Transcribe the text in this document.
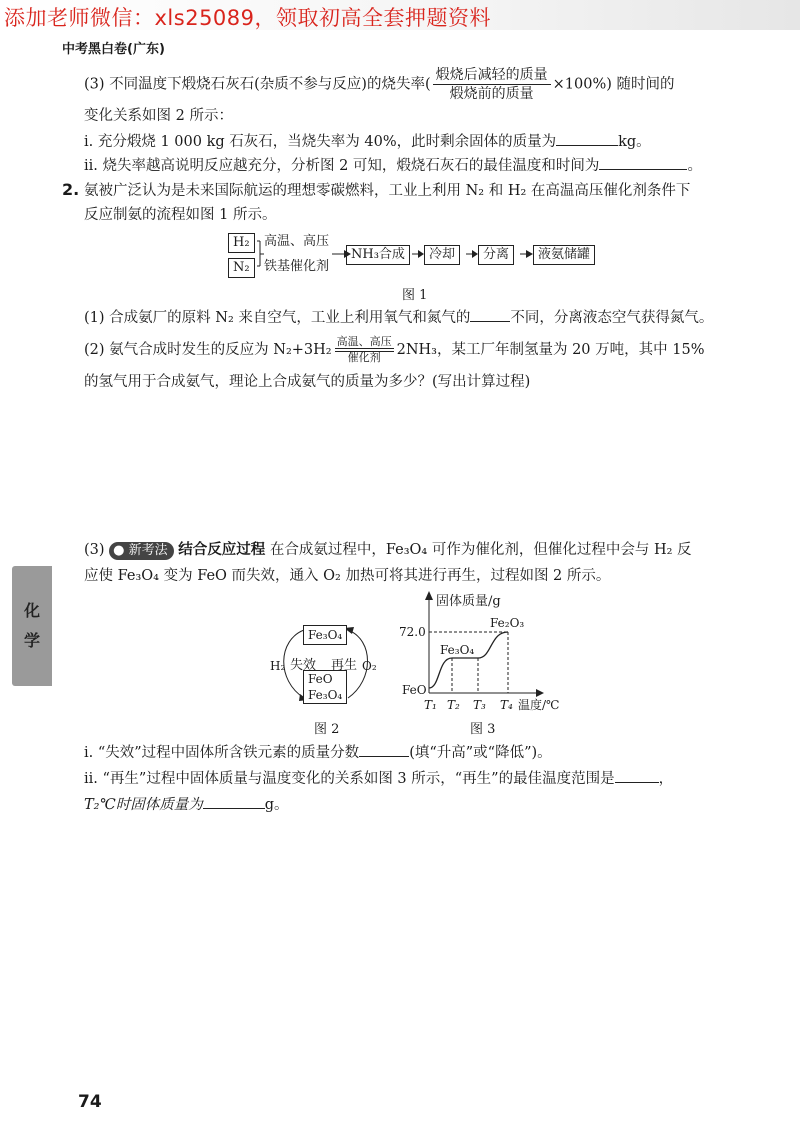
添加老师微信：xls25089，领取初高全套押题资料
中考黑白卷(广东)
(3) 不同温度下煅烧石灰石(杂质不参与反应)的烧失率( $\frac{\text{煅烧后减轻的质量}}{\text{煅烧前的质量}} \times 100\%$) 随时间的
变化关系如图 2 所示：
i. 充分煅烧 1 000 kg 石灰石，当烧失率为 40%，此时剩余固体的质量为	kg。
ii. 烧失率越高说明反应越充分，分析图 2 可知，煅烧石灰石的最佳温度和时间为	。
2. 氨被广泛认为是未来国际航运的理想零碳燃料，工业上利用 N₂ 和 H₂ 在高温高压催化剂条件下
反应制氨的流程如图 1 所示。
H₂
N₂
高温、高压
铁基催化剂
NH₃合成	冷却	分离	液氨储罐
图 1
(1) 合成氨厂的原料 N₂ 来自空气，工业上利用氧气和氮气的	不同，分离液态空气获得氮气。
(2) 氨气合成时发生的反应为 N₂+3H₂
高温、高压
催化剂	2NH₃，某工厂年制氢量为 20 万吨，其中 15%
的氢气用于合成氨气，理论上合成氨气的质量为多少？(写出计算过程)
(3) ● 新考法 结合反应过程 在合成氨过程中，Fe₃O₄ 可作为催化剂，但催化过程中会与 H₂ 反
应使 Fe₃O₄ 变为 FeO 而失效，通入 O₂ 加热可将其进行再生，过程如图 2 所示。
Fe₃O₄
FeO
Fe₃O₄
H₂ 失效 再生 O₂
图 2
固体质量/g
72.0
FeO
Fe₃O₄
Fe₂O₃
T₁ T₂ T₃ T₄ 温度/℃
图 3
i. “失效”过程中固体所含铁元素的质量分数	(填“升高”或“降低”)。
ii. “再生”过程中固体质量与温度变化的关系如图 3 所示，“再生”的最佳温度范围是	，
T₂℃时固体质量为	g。
化
学
74
